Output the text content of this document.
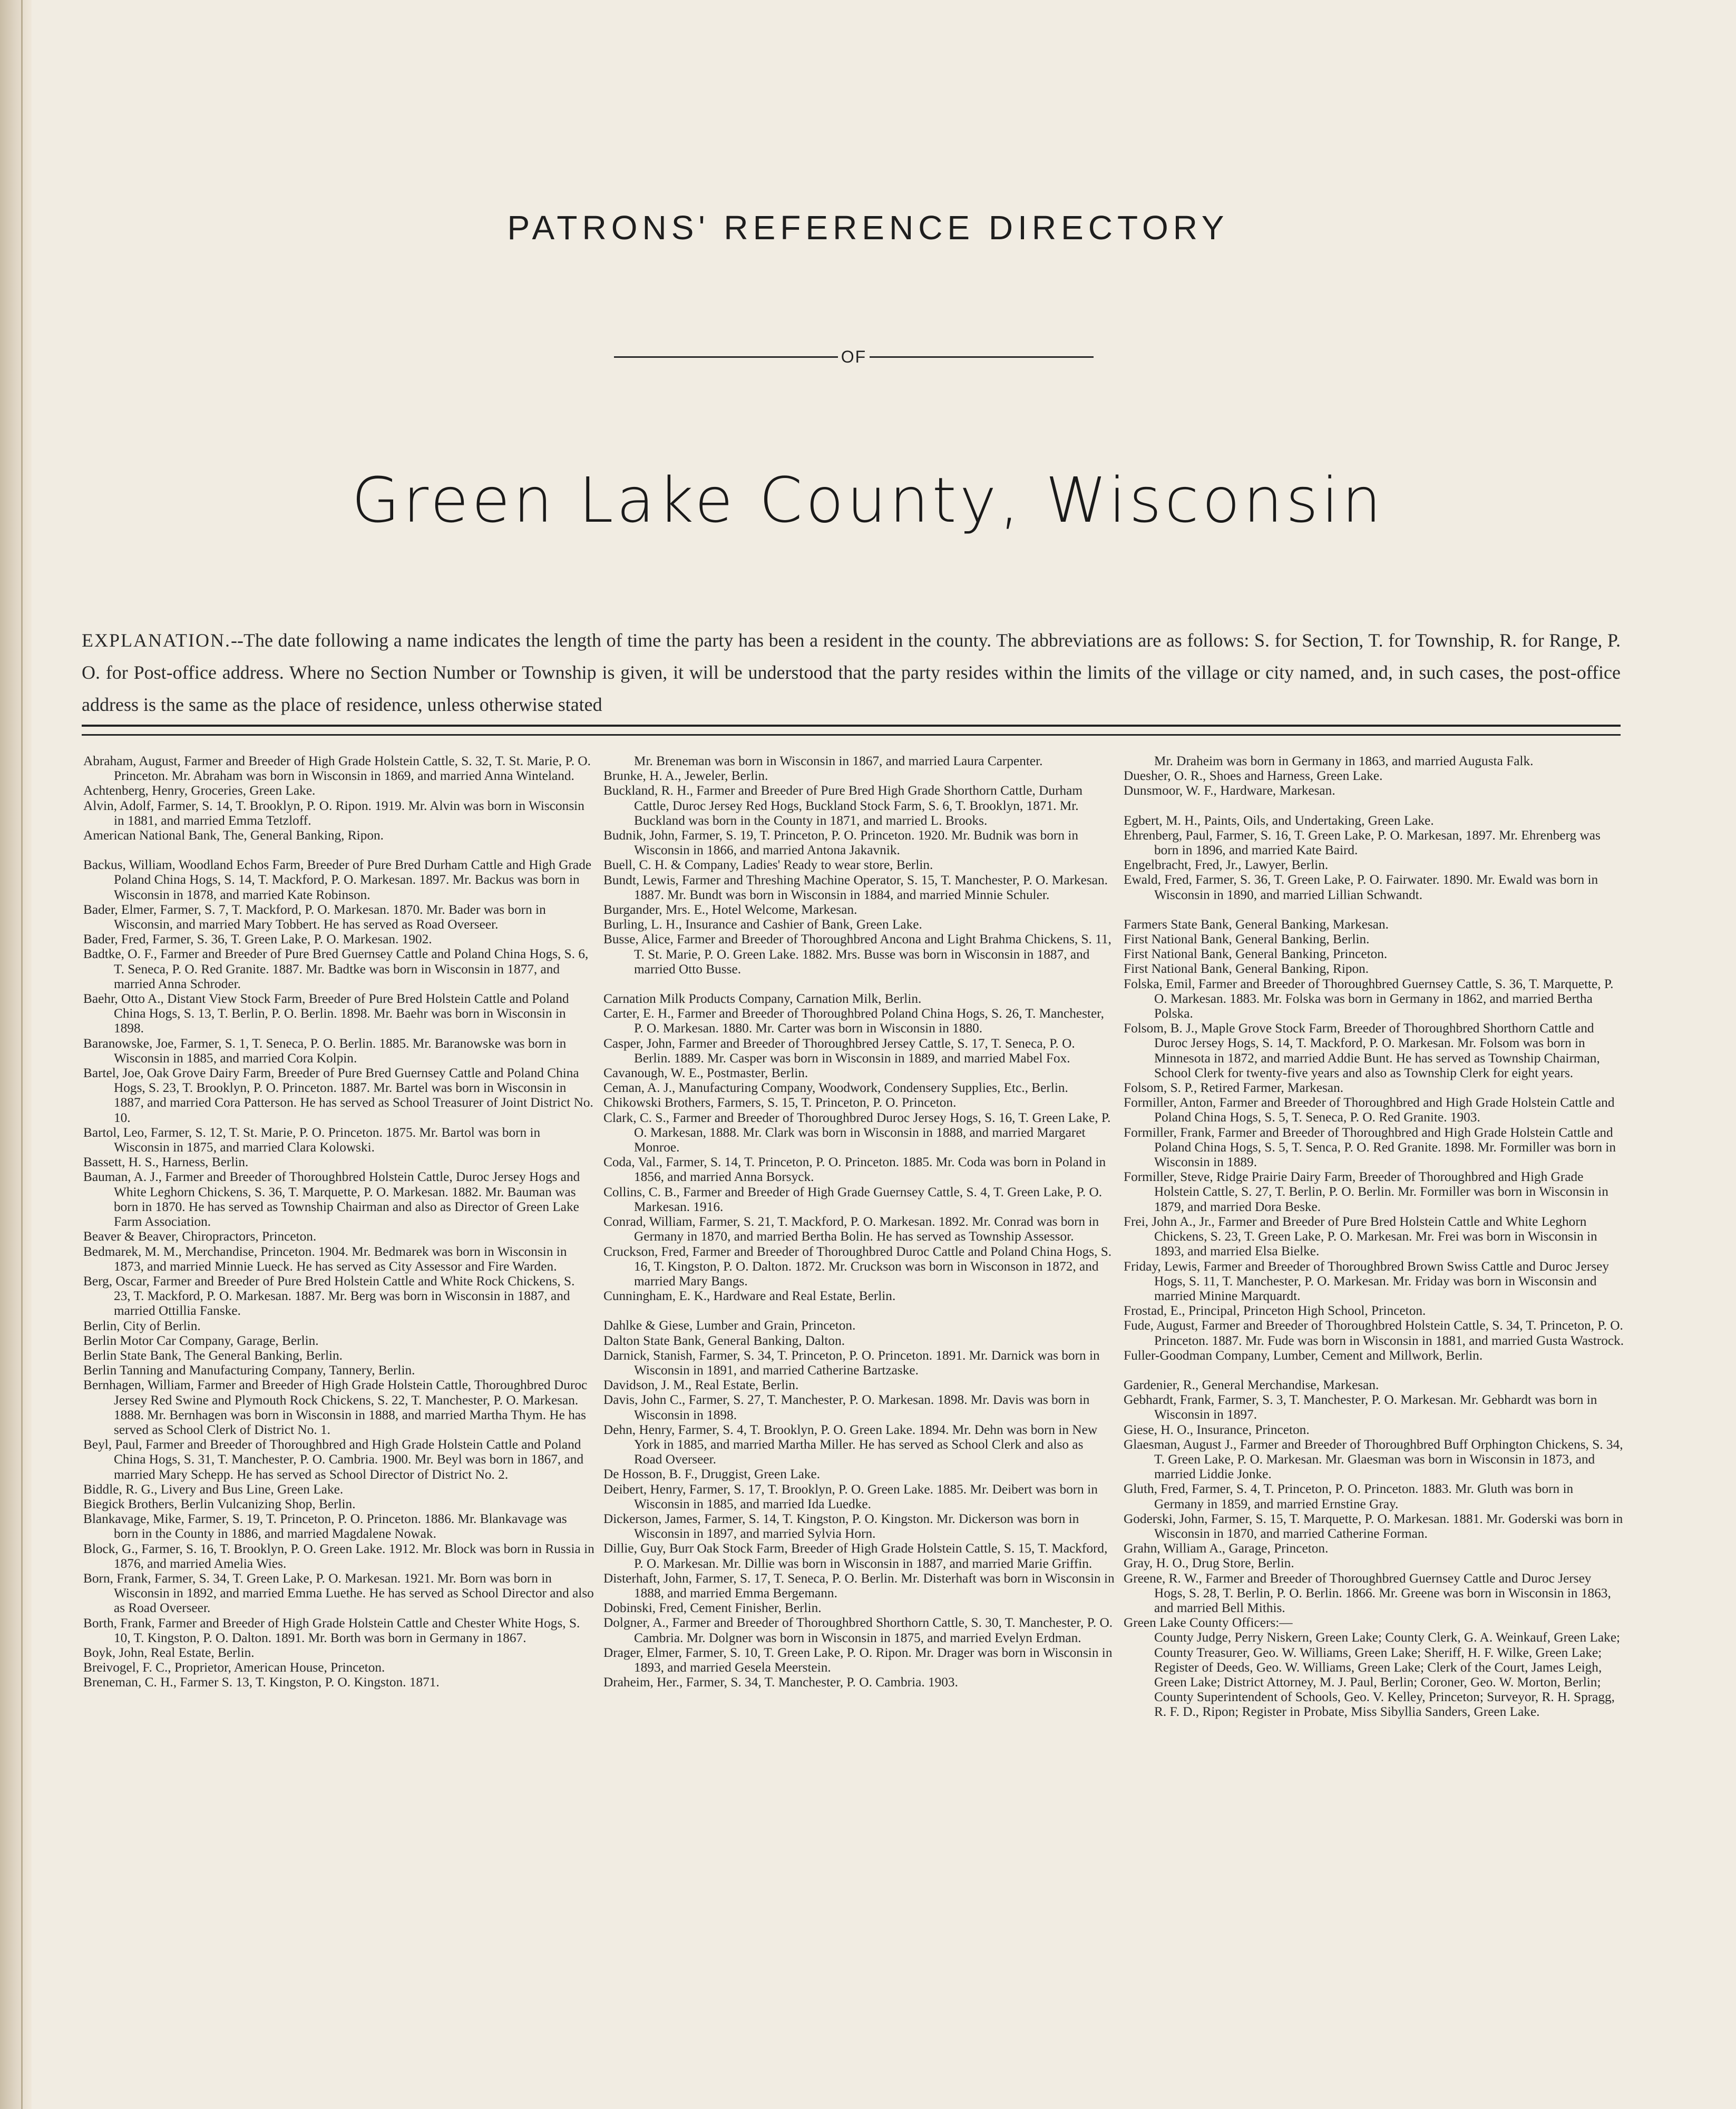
PATRONS' REFERENCE DIRECTORY
OF
Green Lake County, Wisconsin
EXPLANATION.--The date following a name indicates the length of time the party has been a resident in the county. The abbreviations are as follows: S. for Section, T. for Township, R. for Range, P. O. for Post-office address. Where no Section Number or Township is given, it will be understood that the party resides within the limits of the village or city named, and, in such cases, the post-office address is the same as the place of residence, unless otherwise stated

Abraham, August, Farmer and Breeder of High Grade Holstein Cattle, S. 32, T. St. Marie, P. O. Princeton. Mr. Abraham was born in Wisconsin in 1869, and married Anna Winteland.

Achtenberg, Henry, Groceries, Green Lake.

Alvin, Adolf, Farmer, S. 14, T. Brooklyn, P. O. Ripon. 1919. Mr. Alvin was born in Wisconsin in 1881, and married Emma Tetzloff.

American National Bank, The, General Banking, Ripon.

Backus, William, Woodland Echos Farm, Breeder of Pure Bred Durham Cattle and High Grade Poland China Hogs, S. 14, T. Mackford, P. O. Markesan. 1897. Mr. Backus was born in Wisconsin in 1878, and married Kate Robinson.

Bader, Elmer, Farmer, S. 7, T. Mackford, P. O. Markesan. 1870. Mr. Bader was born in Wisconsin, and married Mary Tobbert. He has served as Road Overseer.

Bader, Fred, Farmer, S. 36, T. Green Lake, P. O. Markesan. 1902.

Badtke, O. F., Farmer and Breeder of Pure Bred Guernsey Cattle and Poland China Hogs, S. 6, T. Seneca, P. O. Red Granite. 1887. Mr. Badtke was born in Wisconsin in 1877, and married Anna Schroder.

Baehr, Otto A., Distant View Stock Farm, Breeder of Pure Bred Holstein Cattle and Poland China Hogs, S. 13, T. Berlin, P. O. Berlin. 1898. Mr. Baehr was born in Wisconsin in 1898.

Baranowske, Joe, Farmer, S. 1, T. Seneca, P. O. Berlin. 1885. Mr. Baranowske was born in Wisconsin in 1885, and married Cora Kolpin.

Bartel, Joe, Oak Grove Dairy Farm, Breeder of Pure Bred Guernsey Cattle and Poland China Hogs, S. 23, T. Brooklyn, P. O. Princeton. 1887. Mr. Bartel was born in Wisconsin in 1887, and married Cora Patterson. He has served as School Treasurer of Joint District No. 10.

Bartol, Leo, Farmer, S. 12, T. St. Marie, P. O. Princeton. 1875. Mr. Bartol was born in Wisconsin in 1875, and married Clara Kolowski.

Bassett, H. S., Harness, Berlin.

Bauman, A. J., Farmer and Breeder of Thoroughbred Holstein Cattle, Duroc Jersey Hogs and White Leghorn Chickens, S. 36, T. Marquette, P. O. Markesan. 1882. Mr. Bauman was born in 1870. He has served as Township Chairman and also as Director of Green Lake Farm Association.

Beaver & Beaver, Chiropractors, Princeton.

Bedmarek, M. M., Merchandise, Princeton. 1904. Mr. Bedmarek was born in Wisconsin in 1873, and married Minnie Lueck. He has served as City Assessor and Fire Warden.

Berg, Oscar, Farmer and Breeder of Pure Bred Holstein Cattle and White Rock Chickens, S. 23, T. Mackford, P. O. Markesan. 1887. Mr. Berg was born in Wisconsin in 1887, and married Ottillia Fanske.

Berlin, City of Berlin.

Berlin Motor Car Company, Garage, Berlin.

Berlin State Bank, The General Banking, Berlin.

Berlin Tanning and Manufacturing Company, Tannery, Berlin.

Bernhagen, William, Farmer and Breeder of High Grade Holstein Cattle, Thoroughbred Duroc Jersey Red Swine and Plymouth Rock Chickens, S. 22, T. Manchester, P. O. Markesan. 1888. Mr. Bernhagen was born in Wisconsin in 1888, and married Martha Thym. He has served as School Clerk of District No. 1.

Beyl, Paul, Farmer and Breeder of Thoroughbred and High Grade Holstein Cattle and Poland China Hogs, S. 31, T. Manchester, P. O. Cambria. 1900. Mr. Beyl was born in 1867, and married Mary Schepp. He has served as School Director of District No. 2.

Biddle, R. G., Livery and Bus Line, Green Lake.

Biegick Brothers, Berlin Vulcanizing Shop, Berlin.

Blankavage, Mike, Farmer, S. 19, T. Princeton, P. O. Princeton. 1886. Mr. Blankavage was born in the County in 1886, and married Magdalene Nowak.

Block, G., Farmer, S. 16, T. Brooklyn, P. O. Green Lake. 1912. Mr. Block was born in Russia in 1876, and married Amelia Wies.

Born, Frank, Farmer, S. 34, T. Green Lake, P. O. Markesan. 1921. Mr. Born was born in Wisconsin in 1892, and married Emma Luethe. He has served as School Director and also as Road Overseer.

Borth, Frank, Farmer and Breeder of High Grade Holstein Cattle and Chester White Hogs, S. 10, T. Kingston, P. O. Dalton. 1891. Mr. Borth was born in Germany in 1867.

Boyk, John, Real Estate, Berlin.

Breivogel, F. C., Proprietor, American House, Princeton.

Breneman, C. H., Farmer S. 13, T. Kingston, P. O. Kingston. 1871.

Mr. Breneman was born in Wisconsin in 1867, and married Laura Carpenter.

Brunke, H. A., Jeweler, Berlin.

Buckland, R. H., Farmer and Breeder of Pure Bred High Grade Shorthorn Cattle, Durham Cattle, Duroc Jersey Red Hogs, Buckland Stock Farm, S. 6, T. Brooklyn, 1871. Mr. Buckland was born in the County in 1871, and married L. Brooks.

Budnik, John, Farmer, S. 19, T. Princeton, P. O. Princeton. 1920. Mr. Budnik was born in Wisconsin in 1866, and married Antona Jakavnik.

Buell, C. H. & Company, Ladies' Ready to wear store, Berlin.

Bundt, Lewis, Farmer and Threshing Machine Operator, S. 15, T. Manchester, P. O. Markesan. 1887. Mr. Bundt was born in Wisconsin in 1884, and married Minnie Schuler.

Burgander, Mrs. E., Hotel Welcome, Markesan.

Burling, L. H., Insurance and Cashier of Bank, Green Lake.

Busse, Alice, Farmer and Breeder of Thoroughbred Ancona and Light Brahma Chickens, S. 11, T. St. Marie, P. O. Green Lake. 1882. Mrs. Busse was born in Wisconsin in 1887, and married Otto Busse.

Carnation Milk Products Company, Carnation Milk, Berlin.

Carter, E. H., Farmer and Breeder of Thoroughbred Poland China Hogs, S. 26, T. Manchester, P. O. Markesan. 1880. Mr. Carter was born in Wisconsin in 1880.

Casper, John, Farmer and Breeder of Thoroughbred Jersey Cattle, S. 17, T. Seneca, P. O. Berlin. 1889. Mr. Casper was born in Wisconsin in 1889, and married Mabel Fox.

Cavanough, W. E., Postmaster, Berlin.

Ceman, A. J., Manufacturing Company, Woodwork, Condensery Supplies, Etc., Berlin.

Chikowski Brothers, Farmers, S. 15, T. Princeton, P. O. Princeton.

Clark, C. S., Farmer and Breeder of Thoroughbred Duroc Jersey Hogs, S. 16, T. Green Lake, P. O. Markesan, 1888. Mr. Clark was born in Wisconsin in 1888, and married Margaret Monroe.

Coda, Val., Farmer, S. 14, T. Princeton, P. O. Princeton. 1885. Mr. Coda was born in Poland in 1856, and married Anna Borsyck.

Collins, C. B., Farmer and Breeder of High Grade Guernsey Cattle, S. 4, T. Green Lake, P. O. Markesan. 1916.

Conrad, William, Farmer, S. 21, T. Mackford, P. O. Markesan. 1892. Mr. Conrad was born in Germany in 1870, and married Bertha Bolin. He has served as Township Assessor.

Cruckson, Fred, Farmer and Breeder of Thoroughbred Duroc Cattle and Poland China Hogs, S. 16, T. Kingston, P. O. Dalton. 1872. Mr. Cruckson was born in Wisconson in 1872, and married Mary Bangs.

Cunningham, E. K., Hardware and Real Estate, Berlin.

Dahlke & Giese, Lumber and Grain, Princeton.

Dalton State Bank, General Banking, Dalton.

Darnick, Stanish, Farmer, S. 34, T. Princeton, P. O. Princeton. 1891. Mr. Darnick was born in Wisconsin in 1891, and married Catherine Bartzaske.

Davidson, J. M., Real Estate, Berlin.

Davis, John C., Farmer, S. 27, T. Manchester, P. O. Markesan. 1898. Mr. Davis was born in Wisconsin in 1898.

Dehn, Henry, Farmer, S. 4, T. Brooklyn, P. O. Green Lake. 1894. Mr. Dehn was born in New York in 1885, and married Martha Miller. He has served as School Clerk and also as Road Overseer.

De Hosson, B. F., Druggist, Green Lake.

Deibert, Henry, Farmer, S. 17, T. Brooklyn, P. O. Green Lake. 1885. Mr. Deibert was born in Wisconsin in 1885, and married Ida Luedke.

Dickerson, James, Farmer, S. 14, T. Kingston, P. O. Kingston. Mr. Dickerson was born in Wisconsin in 1897, and married Sylvia Horn.

Dillie, Guy, Burr Oak Stock Farm, Breeder of High Grade Holstein Cattle, S. 15, T. Mackford, P. O. Markesan. Mr. Dillie was born in Wisconsin in 1887, and married Marie Griffin.

Disterhaft, John, Farmer, S. 17, T. Seneca, P. O. Berlin. Mr. Disterhaft was born in Wisconsin in 1888, and married Emma Bergemann.

Dobinski, Fred, Cement Finisher, Berlin.

Dolgner, A., Farmer and Breeder of Thoroughbred Shorthorn Cattle, S. 30, T. Manchester, P. O. Cambria. Mr. Dolgner was born in Wisconsin in 1875, and married Evelyn Erdman.

Drager, Elmer, Farmer, S. 10, T. Green Lake, P. O. Ripon. Mr. Drager was born in Wisconsin in 1893, and married Gesela Meerstein.

Draheim, Her., Farmer, S. 34, T. Manchester, P. O. Cambria. 1903.

Mr. Draheim was born in Germany in 1863, and married Augusta Falk.

Duesher, O. R., Shoes and Harness, Green Lake.

Dunsmoor, W. F., Hardware, Markesan.

Egbert, M. H., Paints, Oils, and Undertaking, Green Lake.

Ehrenberg, Paul, Farmer, S. 16, T. Green Lake, P. O. Markesan, 1897. Mr. Ehrenberg was born in 1896, and married Kate Baird.

Engelbracht, Fred, Jr., Lawyer, Berlin.

Ewald, Fred, Farmer, S. 36, T. Green Lake, P. O. Fairwater. 1890. Mr. Ewald was born in Wisconsin in 1890, and married Lillian Schwandt.

Farmers State Bank, General Banking, Markesan.

First National Bank, General Banking, Berlin.

First National Bank, General Banking, Princeton.

First National Bank, General Banking, Ripon.

Folska, Emil, Farmer and Breeder of Thoroughbred Guernsey Cattle, S. 36, T. Marquette, P. O. Markesan. 1883. Mr. Folska was born in Germany in 1862, and married Bertha Polska.

Folsom, B. J., Maple Grove Stock Farm, Breeder of Thoroughbred Shorthorn Cattle and Duroc Jersey Hogs, S. 14, T. Mackford, P. O. Markesan. Mr. Folsom was born in Minnesota in 1872, and married Addie Bunt. He has served as Township Chairman, School Clerk for twenty-five years and also as Township Clerk for eight years.

Folsom, S. P., Retired Farmer, Markesan.

Formiller, Anton, Farmer and Breeder of Thoroughbred and High Grade Holstein Cattle and Poland China Hogs, S. 5, T. Seneca, P. O. Red Granite. 1903.

Formiller, Frank, Farmer and Breeder of Thoroughbred and High Grade Holstein Cattle and Poland China Hogs, S. 5, T. Senca, P. O. Red Granite. 1898. Mr. Formiller was born in Wisconsin in 1889.

Formiller, Steve, Ridge Prairie Dairy Farm, Breeder of Thoroughbred and High Grade Holstein Cattle, S. 27, T. Berlin, P. O. Berlin. Mr. Formiller was born in Wisconsin in 1879, and married Dora Beske.

Frei, John A., Jr., Farmer and Breeder of Pure Bred Holstein Cattle and White Leghorn Chickens, S. 23, T. Green Lake, P. O. Markesan. Mr. Frei was born in Wisconsin in 1893, and married Elsa Bielke.

Friday, Lewis, Farmer and Breeder of Thoroughbred Brown Swiss Cattle and Duroc Jersey Hogs, S. 11, T. Manchester, P. O. Markesan. Mr. Friday was born in Wisconsin and married Minine Marquardt.

Frostad, E., Principal, Princeton High School, Princeton.

Fude, August, Farmer and Breeder of Thoroughbred Holstein Cattle, S. 34, T. Princeton, P. O. Princeton. 1887. Mr. Fude was born in Wisconsin in 1881, and married Gusta Wastrock.

Fuller-Goodman Company, Lumber, Cement and Millwork, Berlin.

Gardenier, R., General Merchandise, Markesan.

Gebhardt, Frank, Farmer, S. 3, T. Manchester, P. O. Markesan. Mr. Gebhardt was born in Wisconsin in 1897.

Giese, H. O., Insurance, Princeton.

Glaesman, August J., Farmer and Breeder of Thoroughbred Buff Orphington Chickens, S. 34, T. Green Lake, P. O. Markesan. Mr. Glaesman was born in Wisconsin in 1873, and married Liddie Jonke.

Gluth, Fred, Farmer, S. 4, T. Princeton, P. O. Princeton. 1883. Mr. Gluth was born in Germany in 1859, and married Ernstine Gray.

Goderski, John, Farmer, S. 15, T. Marquette, P. O. Markesan. 1881. Mr. Goderski was born in Wisconsin in 1870, and married Catherine Forman.

Grahn, William A., Garage, Princeton.

Gray, H. O., Drug Store, Berlin.

Greene, R. W., Farmer and Breeder of Thoroughbred Guernsey Cattle and Duroc Jersey Hogs, S. 28, T. Berlin, P. O. Berlin. 1866. Mr. Greene was born in Wisconsin in 1863, and married Bell Mithis.

Green Lake County Officers:—

County Judge, Perry Niskern, Green Lake; County Clerk, G. A. Weinkauf, Green Lake; County Treasurer, Geo. W. Williams, Green Lake; Sheriff, H. F. Wilke, Green Lake; Register of Deeds, Geo. W. Williams, Green Lake; Clerk of the Court, James Leigh, Green Lake; District Attorney, M. J. Paul, Berlin; Coroner, Geo. W. Morton, Berlin; County Superintendent of Schools, Geo. V. Kelley, Princeton; Surveyor, R. H. Spragg, R. F. D., Ripon; Register in Probate, Miss Sibyllia Sanders, Green Lake.
